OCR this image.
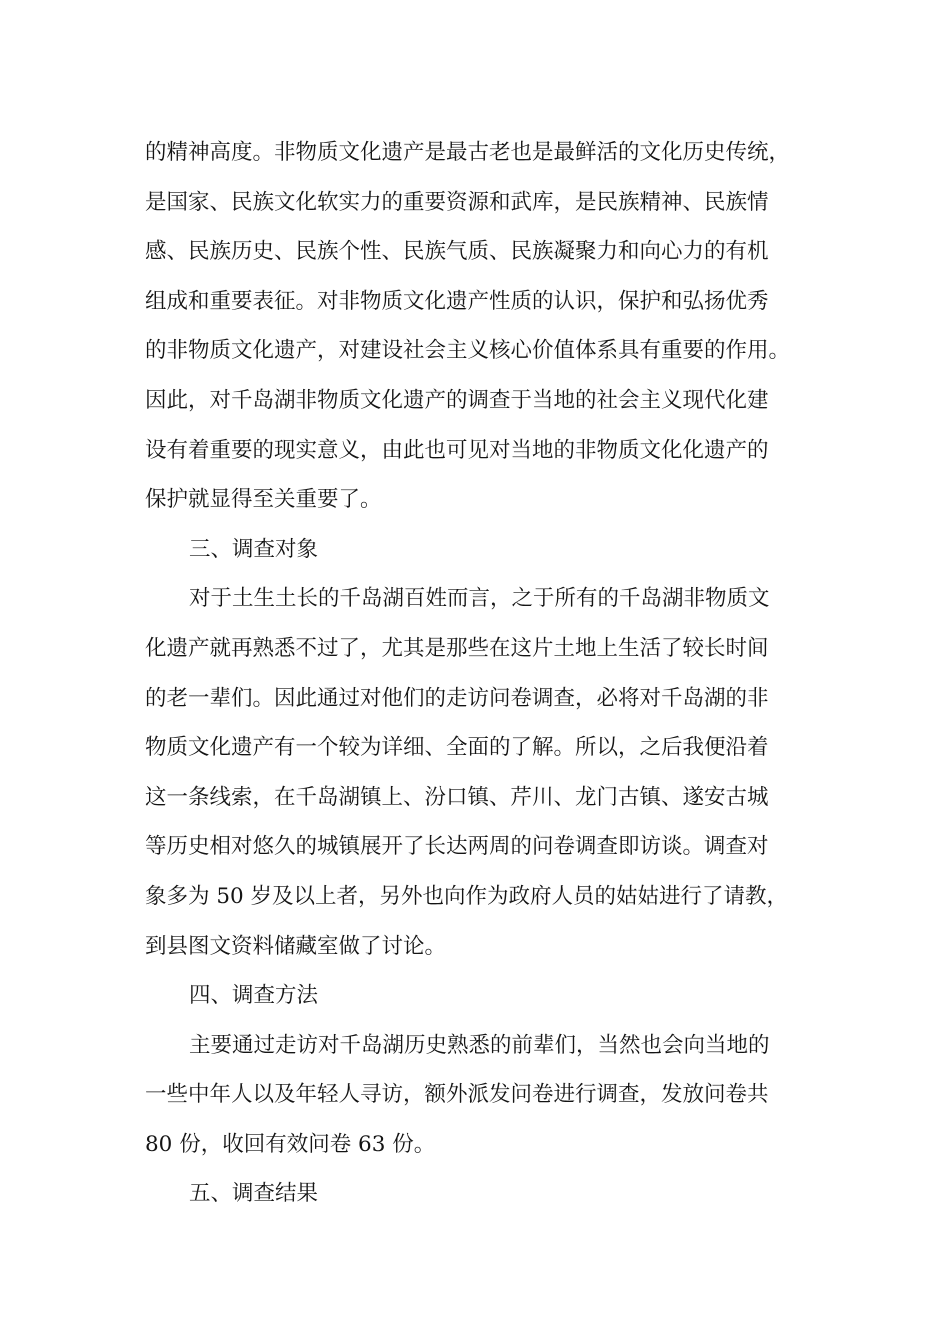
的精神高度。非物质文化遗产是最古老也是最鲜活的文化历史传统，
是国家、民族文化软实力的重要资源和武库，是民族精神、民族情
感、民族历史、民族个性、民族气质、民族凝聚力和向心力的有机
组成和重要表征。对非物质文化遗产性质的认识，保护和弘扬优秀
的非物质文化遗产，对建设社会主义核心价值体系具有重要的作用。
因此，对千岛湖非物质文化遗产的调查于当地的社会主义现代化建
设有着重要的现实意义，由此也可见对当地的非物质文化化遗产的
保护就显得至关重要了。
三、调查对象
对于土生土长的千岛湖百姓而言，之于所有的千岛湖非物质文
化遗产就再熟悉不过了，尤其是那些在这片土地上生活了较长时间
的老一辈们。因此通过对他们的走访问卷调查，必将对千岛湖的非
物质文化遗产有一个较为详细、全面的了解。所以，之后我便沿着
这一条线索，在千岛湖镇上、汾口镇、芹川、龙门古镇、遂安古城
等历史相对悠久的城镇展开了长达两周的问卷调查即访谈。调查对
象多为 50 岁及以上者，另外也向作为政府人员的姑姑进行了请教，
到县图文资料储藏室做了讨论。
四、调查方法
主要通过走访对千岛湖历史熟悉的前辈们，当然也会向当地的
一些中年人以及年轻人寻访，额外派发问卷进行调查，发放问卷共
80 份，收回有效问卷 63 份。
五、调查结果
